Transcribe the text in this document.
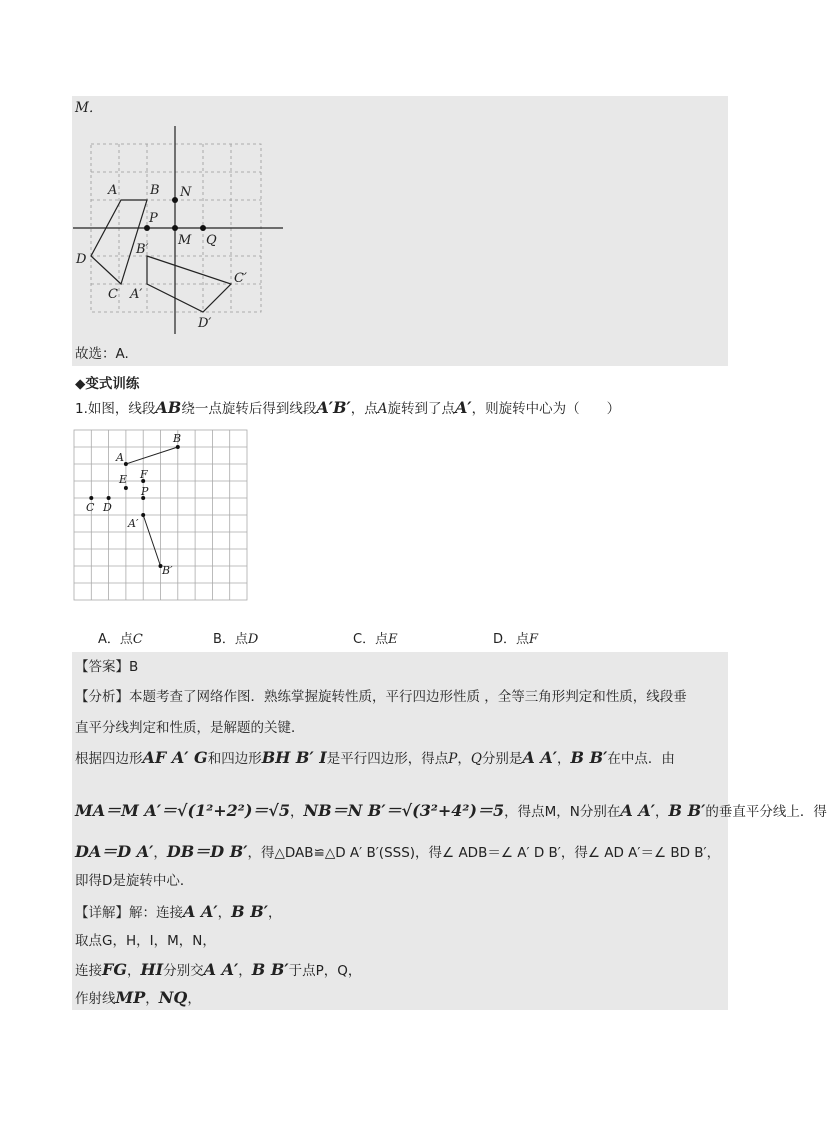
M．
A	B N
P
M Q
D
C
B′
A′
C′
D′
故选：A.
◆变式训练
1.如图，线段AB绕一点旋转后得到线段A′B′，点A旋转到了点A′，则旋转中心为（　　）
B
A
E F
P
C D
A′
B′
A．点C	B．点D	C．点E	D．点F
【答案】B
【分析】本题考查了网络作图．熟练掌握旋转性质，平行四边形性质 ，全等三角形判定和性质，线段垂
直平分线判定和性质，是解题的关键．
根据四边形AF A′ G和四边形BH B′ I是平行四边形，得点P，Q分别是A A′，B B′在中点．由
MA＝M A′＝√(1²+2²)＝√5，NB＝N B′＝√(3²+4²)＝5，得点M，N分别在A A′，B B′的垂直平分线上．得
DA＝D A′，DB＝D B′，得△DAB≌△D A′ B′(SSS)，得∠ ADB＝∠ A′ D B′，得∠ AD A′＝∠ BD B′，
即得D是旋转中心．
【详解】解：连接A A′，B B′，
取点G，H，I，M，N，
连接FG，HI分别交A A′，B B′于点P，Q，
作射线MP，NQ，
